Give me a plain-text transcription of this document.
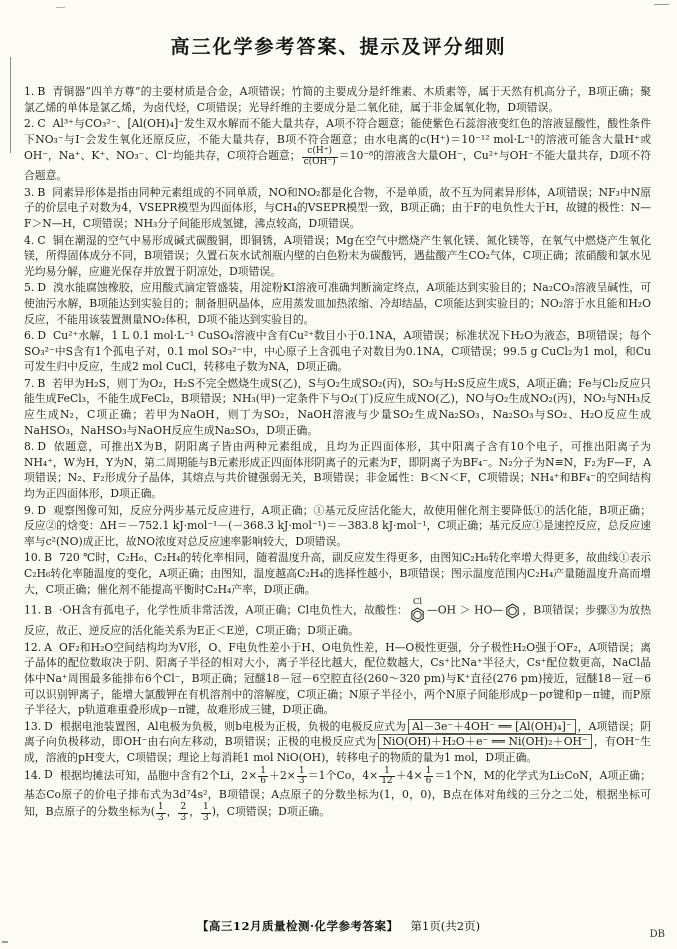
高三化学参考答案、提示及评分细则
1. B 青铜器“四羊方尊”的主要材质是合金，A项错误；竹简的主要成分是纤维素、木质素等，属于天然有机高分子，B项正确；聚氯乙烯的单体是氯乙烯，为卤代烃，C项错误；光导纤维的主要成分是二氧化硅，属于非金属氧化物，D项错误。
2. C Al³⁺与CO₃²⁻、[Al(OH)₄]⁻发生双水解而不能大量共存，A项不符合题意；能使紫色石蕊溶液变红色的溶液显酸性，酸性条件下NO₃⁻与I⁻会发生氧化还原反应，不能大量共存，B项不符合题意；由水电离的c(H⁺)＝10⁻¹² mol·L⁻¹的溶液可能含大量H⁺或OH⁻，Na⁺、K⁺、NO₃⁻、Cl⁻均能共存，C项符合题意； $\frac{c(H^+)}{c(OH^-)} =10^{-8}$的溶液含大量OH⁻，Cu²⁺与OH⁻不能大量共存，D项不符合题意。
3. B 同素异形体是指由同种元素组成的不同单质，NO和NO₂都是化合物，不是单质，故不互为同素异形体，A项错误；NF₃中N原子的价层电子对数为4，VSEPR模型为四面体形，与CH₄的VSEPR模型一致，B项正确；由于F的电负性大于H，故键的极性：N—F＞N—H，C项错误；NH₃分子间能形成氢键，沸点较高，D项错误。
4. C 铜在潮湿的空气中易形成碱式碳酸铜，即铜锈，A项错误；Mg在空气中燃烧产生氧化镁、氮化镁等，在氧气中燃烧产生氧化镁，所得固体成分不同，B项错误；久置石灰水试剂瓶内壁的白色粉末为碳酸钙，遇盐酸产生CO₂气体，C项正确；浓硝酸和氯水见光均易分解，应避光保存并放置于阴凉处，D项错误。
5. D 溴水能腐蚀橡胶，应用酸式滴定管盛装，用淀粉KI溶液可准确判断滴定终点，A项能达到实验目的；Na₂CO₃溶液呈碱性，可使油污水解，B项能达到实验目的；制备胆矾晶体，应用蒸发皿加热浓缩、冷却结晶，C项能达到实验目的；NO₂溶于水且能和H₂O反应，不能用该装置测量NO₂体积，D项不能达到实验目的。
6. D Cu²⁺水解，1 L 0.1 mol·L⁻¹ CuSO₄溶液中含有Cu²⁺数目小于0.1NA，A项错误；标准状况下H₂O为液态，B项错误；每个SO₃²⁻中S含有1个孤电子对，0.1 mol SO₃²⁻中，中心原子上含孤电子对数目为0.1NA，C项错误；99.5 g CuCl₂为1 mol，和Cu可发生归中反应，生成2 mol CuCl，转移电子数为NA，D项正确。
7. B 若甲为H₂S，则丁为O₂，H₂S不完全燃烧生成S(乙)，S与O₂生成SO₂(丙)，SO₂与H₂S反应生成S，A项正确；Fe与Cl₂反应只能生成FeCl₃，不能生成FeCl₂，B项错误；NH₃(甲)一定条件下与O₂(丁)反应生成NO(乙)，NO与O₂生成NO₂(丙)，NO₂与NH₃反应生成N₂，C项正确；若甲为NaOH，则丁为SO₂，NaOH溶液与少量SO₂生成Na₂SO₃，Na₂SO₃与SO₂、H₂O反应生成NaHSO₃，NaHSO₃与NaOH反应生成Na₂SO₃，D项正确。
8. D 依题意，可推出X为B，阴阳离子皆由两种元素组成，且均为正四面体形，其中阳离子含有10个电子，可推出阳离子为NH₄⁺，W为H，Y为N，第二周期能与B元素形成正四面体形阴离子的元素为F，即阴离子为BF₄⁻。N₂分子为N≡N，F₂为F—F，A项错误；N₂、F₂形成分子晶体，其熔点与共价键强弱无关，B项错误；非金属性：B＜N＜F，C项错误；NH₄⁺和BF₄⁻的空间结构均为正四面体形，D项正确。
9. D 观察图像可知，反应分两步基元反应进行，A项正确；①基元反应活化能大，故使用催化剂主要降低①的活化能，B项正确；反应②的焓变：ΔH＝－752.1 kJ·mol⁻¹－(－368.3 kJ·mol⁻¹)＝－383.8 kJ·mol⁻¹，C项正确；基元反应①是速控反应，总反应速率与c²(NO)成正比，故NO浓度对总反应速率影响较大，D项错误。
10. B 720 ℃时，C₂H₆、C₂H₄的转化率相同，随着温度升高，副反应发生得更多，由图知C₂H₆转化率增大得更多，故曲线①表示C₂H₆转化率随温度的变化，A项正确；由图知，温度越高C₂H₄的选择性越小，B项错误；图示温度范围内C₂H₄产量随温度升高而增大，C项正确；催化剂不能提高平衡时C₂H₄产率，D项正确。
11. B ·OH含有孤电子，化学性质非常活泼，A项正确；Cl电负性大，故酸性：
Cl
—OH ＞ HO— ，B项错误；步骤③为放热反应，故正、逆反应的活化能关系为E正＜E逆，C项正确；D项正确。
12. A OF₂和H₂O空间结构均为V形，O、F电负性差小于H、O电负性差，H—O极性更强，分子极性H₂O强于OF₂，A项错误；离子晶体的配位数取决于阴、阳离子半径的相对大小，离子半径比越大，配位数越大，Cs⁺比Na⁺半径大，Cs⁺配位数更高，NaCl晶体中Na⁺周围最多能排布6个Cl⁻，B项正确；冠醚18－冠－6空腔直径(260～320 pm)与K⁺直径(276 pm)接近，冠醚18－冠－6可以识别钾离子，能增大氯酸钾在有机溶剂中的溶解度，C项正确；N原子半径小，两个N原子间能形成p－pσ键和p－π键，而P原子半径大，p轨道难重叠形成p－π键，故难形成三键，D项正确。
13. D 根据电池装置图，Al电极为负极，则b电极为正极，负极的电极反应式为 Al－3e⁻＋4OH⁻ ══ [Al(OH)₄]⁻ ，A项错误；阴离子向负极移动，即OH⁻由右向左移动，B项错误；正极的电极反应式为 NiO(OH)＋H₂O＋e⁻ ══ Ni(OH)₂＋OH⁻ ，有OH⁻生成，溶液的pH变大，C项错误；理论上每消耗1 mol NiO(OH)，转移电子的物质的量为1 mol，D项正确。
14. D 根据均摊法可知，晶胞中含有2个Li，$2\times \frac{1}{6} +2\times \frac{1}{3} =1$个Co，$4\times \frac{1}{12} +4\times \frac{1}{6} =1$个N，M的化学式为Li₂CoN，A项正确；基态Co原子的价电子排布式为3d⁷4s²，B项错误；A点原子的分数坐标为(1，0，0)，B点在体对角线的三分之二处，根据坐标可知，B点原子的分数坐标为( $\frac{1}{3}$ ， $\frac{2}{3}$ ， $\frac{1}{3}$ )，C项错误；D项正确。
【高三12月质量检测·化学参考答案】 第1页(共2页)
DB
